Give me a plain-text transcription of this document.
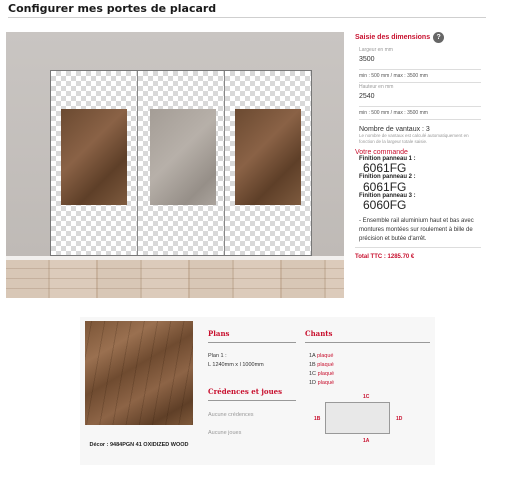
Configurer mes portes de placard
Saisie des dimensions ?
Largeur en mm
3500
min : 500 mm / max : 3500 mm
Hauteur en mm
2540
min : 500 mm / max : 3500 mm
Nombre de vantaux : 3
Le nombre de vantaux est calculé automatiquement en fonction de la largeur totale saisie.
Votre commande
Finition panneau 1 :
6061FG
Finition panneau 2 :
6061FG
Finition panneau 3 :
6060FG
- Ensemble rail aluminium haut et bas avec montures montées sur roulement à bille de précision et butée d'arrêt.
Total TTC : 1285.70 €
Décor : 9484PGN 41 OXIDIZED WOOD
Plans
Plan 1 :
L 1240mm x l 1000mm
Crédences et joues
Aucune crédences
Aucune joues
Chants
1A plaqué
1B plaqué
1C plaqué
1D plaqué
1C
1B	1D
1A
